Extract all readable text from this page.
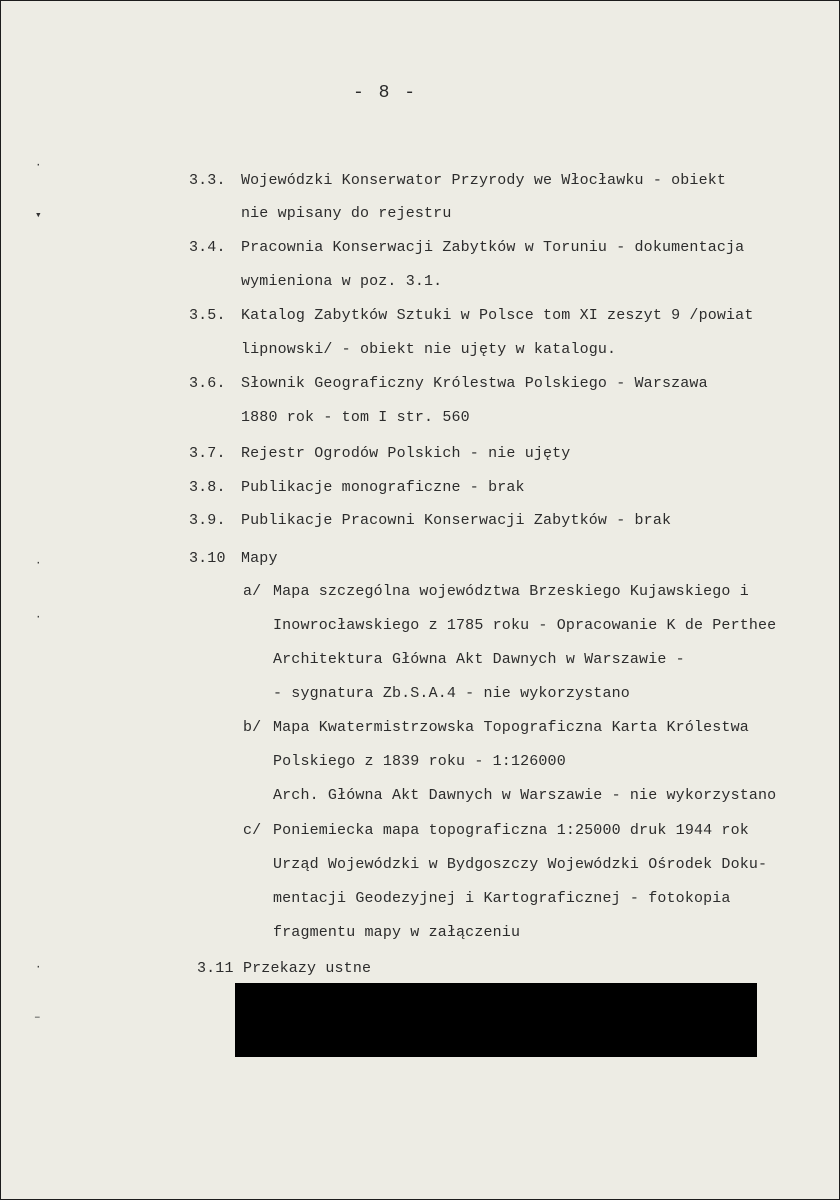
- 8 -
·
▾
·
·
·
–
3.3. Wojewódzki Konserwator Przyrody we Włocławku - obiekt
nie wpisany do rejestru
3.4. Pracownia Konserwacji Zabytków w Toruniu - dokumentacja
wymieniona w poz. 3.1.
3.5. Katalog Zabytków Sztuki w Polsce tom XI zeszyt 9 /powiat
lipnowski/ - obiekt nie ujęty w katalogu.
3.6. Słownik Geograficzny Królestwa Polskiego - Warszawa
1880 rok - tom I str. 560
3.7. Rejestr Ogrodów Polskich - nie ujęty
3.8. Publikacje monograficzne - brak
3.9. Publikacje Pracowni Konserwacji Zabytków - brak
3.10 Mapy
a/ Mapa szczególna województwa Brzeskiego Kujawskiego i
Inowrocławskiego z 1785 roku - Opracowanie K de Perthee
Architektura Główna Akt Dawnych w Warszawie -
- sygnatura Zb.S.A.4 - nie wykorzystano
b/ Mapa Kwatermistrzowska Topograficzna Karta Królestwa
Polskiego z 1839 roku - 1:126000
Arch. Główna Akt Dawnych w Warszawie - nie wykorzystano
c/ Poniemiecka mapa topograficzna 1:25000 druk 1944 rok
Urząd Wojewódzki w Bydgoszczy Wojewódzki Ośrodek Doku-
mentacji Geodezyjnej i Kartograficznej - fotokopia
fragmentu mapy w załączeniu
3.11 Przekazy ustne
